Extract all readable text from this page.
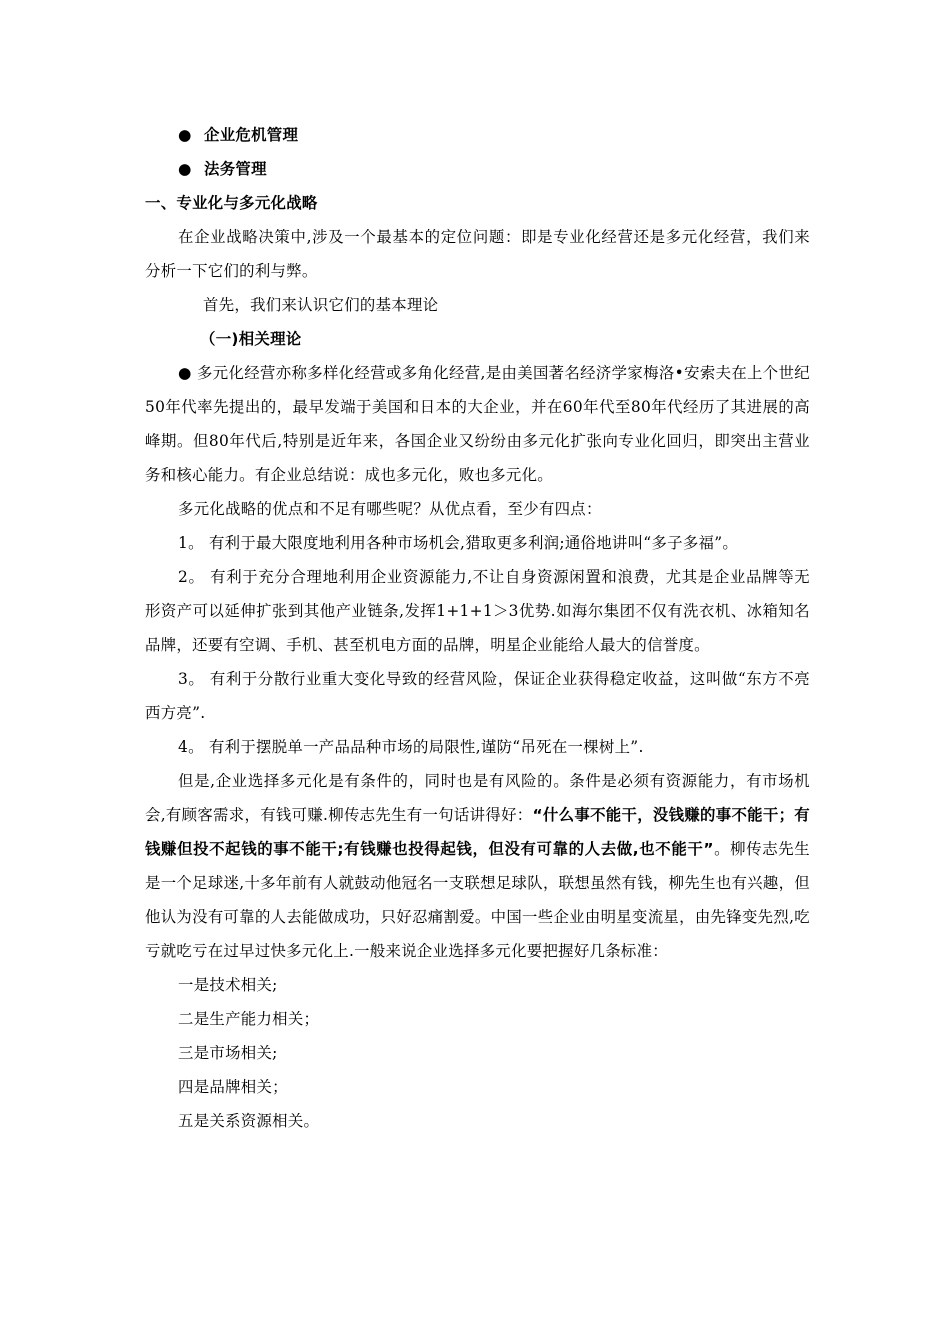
● 企业危机管理

● 法务管理

一、专业化与多元化战略

在企业战略决策中,涉及一个最基本的定位问题：即是专业化经营还是多元化经营，我们来分析一下它们的利与弊。

首先，我们来认识它们的基本理论

（一)相关理论

● 多元化经营亦称多样化经营或多角化经营,是由美国著名经济学家梅洛•安索夫在上个世纪50年代率先提出的，最早发端于美国和日本的大企业，并在60年代至80年代经历了其进展的高峰期。但80年代后,特别是近年来，各国企业又纷纷由多元化扩张向专业化回归，即突出主营业务和核心能力。有企业总结说：成也多元化，败也多元化。

多元化战略的优点和不足有哪些呢？从优点看，至少有四点：

1。 有利于最大限度地利用各种市场机会,猎取更多利润;通俗地讲叫“多子多福”。

2。 有利于充分合理地利用企业资源能力,不让自身资源闲置和浪费，尤其是企业品牌等无形资产可以延伸扩张到其他产业链条,发挥1+1+1＞3优势.如海尔集团不仅有洗衣机、冰箱知名品牌，还要有空调、手机、甚至机电方面的品牌，明星企业能给人最大的信誉度。

3。 有利于分散行业重大变化导致的经营风险，保证企业获得稳定收益，这叫做“东方不亮西方亮”.

4。 有利于摆脱单一产品品种市场的局限性,谨防“吊死在一棵树上”.

但是,企业选择多元化是有条件的，同时也是有风险的。条件是必须有资源能力，有市场机会,有顾客需求，有钱可赚.柳传志先生有一句话讲得好：“什么事不能干，没钱赚的事不能干；有钱赚但投不起钱的事不能干;有钱赚也投得起钱，但没有可靠的人去做,也不能干”。柳传志先生是一个足球迷,十多年前有人就鼓动他冠名一支联想足球队，联想虽然有钱，柳先生也有兴趣，但他认为没有可靠的人去能做成功，只好忍痛割爱。中国一些企业由明星变流星，由先锋变先烈,吃亏就吃亏在过早过快多元化上.一般来说企业选择多元化要把握好几条标准：

一是技术相关;

二是生产能力相关；

三是市场相关;

四是品牌相关；

五是关系资源相关。
